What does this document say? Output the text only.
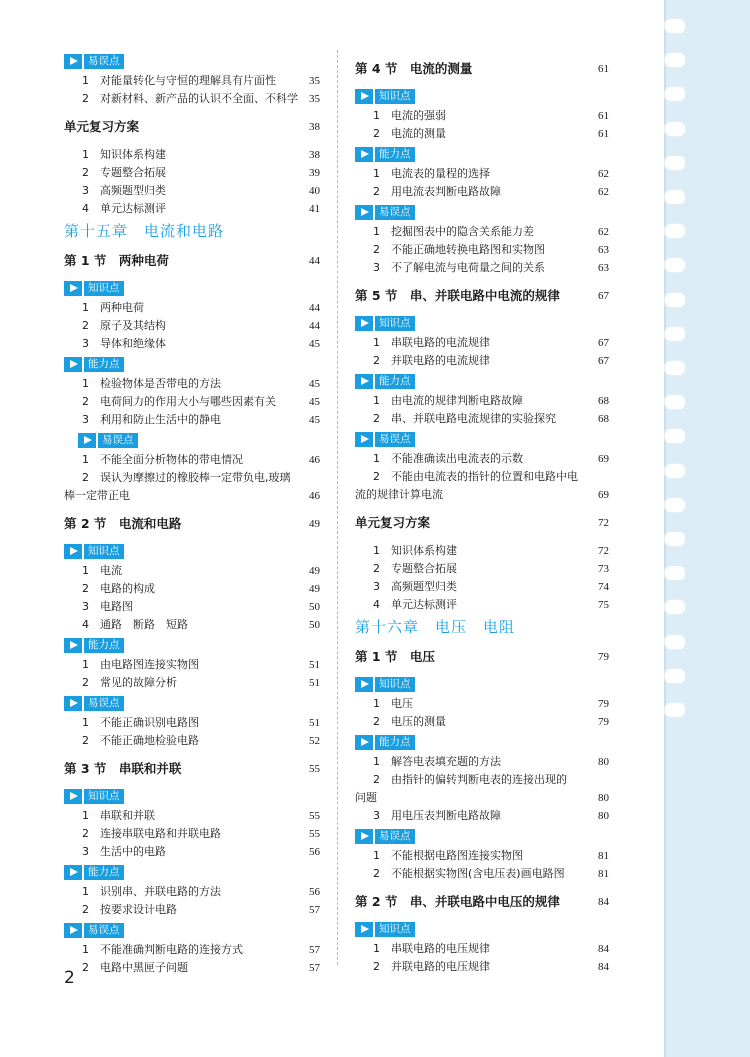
易误点
1	对能量转化与守恒的理解具有片面性	35
2	对新材料、新产品的认识不全面、不科学	35
单元复习方案	38
1	知识体系构建	38
2	专题整合拓展	39
3	高频题型归类	40
4	单元达标测评	41
第十五章　电流和电路
第 1 节　两种电荷	44
知识点
1	两种电荷	44
2	原子及其结构	44
3	导体和绝缘体	45
能力点
1	检验物体是否带电的方法	45
2	电荷间力的作用大小与哪些因素有关	45
3	利用和防止生活中的静电	45
易误点
1	不能全面分析物体的带电情况	46
2	误认为摩擦过的橡胶棒一定带负电,玻璃
棒一定带正电	46
第 2 节　电流和电路	49
知识点
1	电流	49
2	电路的构成	49
3	电路图	50
4	通路　断路　短路	50
能力点
1	由电路图连接实物图	51
2	常见的故障分析	51
易误点
1	不能正确识别电路图	51
2	不能正确地检验电路	52
第 3 节　串联和并联	55
知识点
1	串联和并联	55
2	连接串联电路和并联电路	55
3	生活中的电路	56
能力点
1	识别串、并联电路的方法	56
2	按要求设计电路	57
易误点
1	不能准确判断电路的连接方式	57
2	电路中黑匣子问题	57
第 4 节　电流的测量	61
知识点
1	电流的强弱	61
2	电流的测量	61
能力点
1	电流表的量程的选择	62
2	用电流表判断电路故障	62
易误点
1	挖掘图表中的隐含关系能力差	62
2	不能正确地转换电路图和实物图	63
3	不了解电流与电荷量之间的关系	63
第 5 节　串、并联电路中电流的规律	67
知识点
1	串联电路的电流规律	67
2	并联电路的电流规律	67
能力点
1	由电流的规律判断电路故障	68
2	串、并联电路电流规律的实验探究	68
易误点
1	不能准确读出电流表的示数	69
2	不能由电流表的指针的位置和电路中电
流的规律计算电流	69
单元复习方案	72
1	知识体系构建	72
2	专题整合拓展	73
3	高频题型归类	74
4	单元达标测评	75
第十六章　电压　电阻
第 1 节　电压	79
知识点
1	电压	79
2	电压的测量	79
能力点
1	解答电表填充题的方法	80
2	由指针的偏转判断电表的连接出现的
问题	80
3	用电压表判断电路故障	80
易误点
1	不能根据电路图连接实物图	81
2	不能根据实物图(含电压表)画电路图	81
第 2 节　串、并联电路中电压的规律	84
知识点
1	串联电路的电压规律	84
2	并联电路的电压规律	84
2
